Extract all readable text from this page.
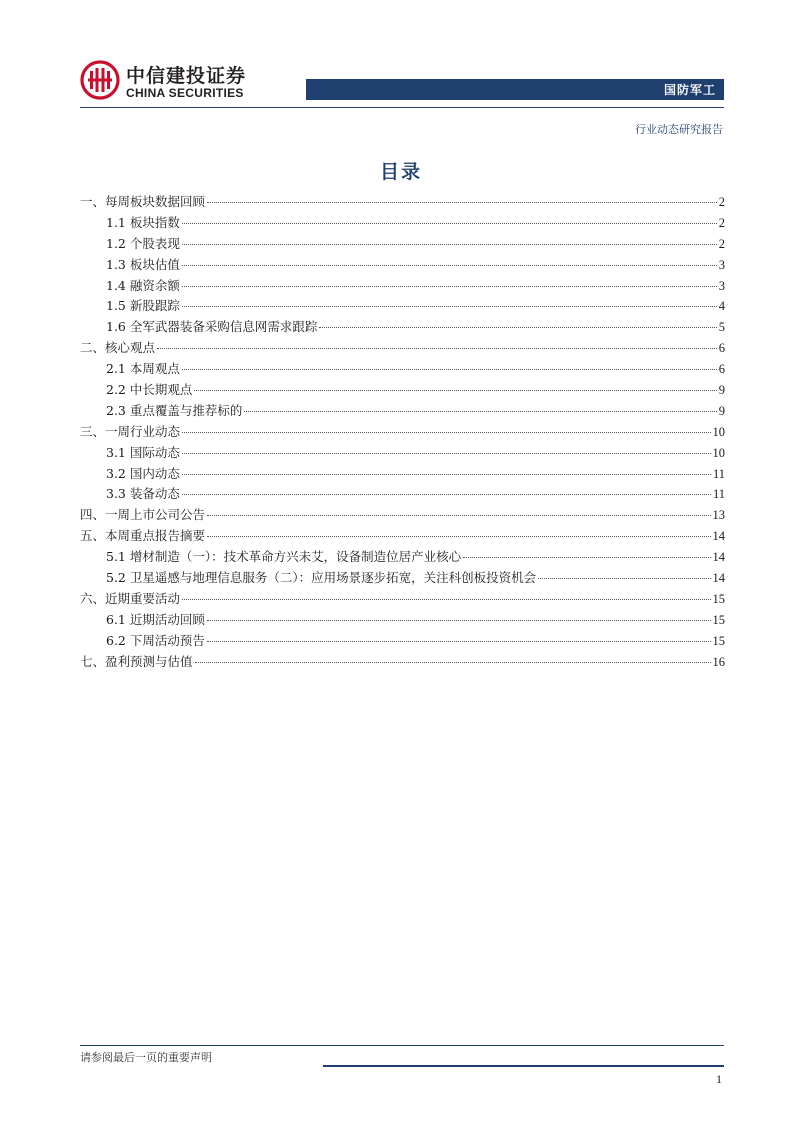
中信建投证券
CHINA SECURITIES	国防军工
行业动态研究报告
目录
一、每周板块数据回顾	2
1.1 板块指数	2
1.2 个股表现	2
1.3 板块估值	3
1.4 融资余额	3
1.5 新股跟踪	4
1.6 全军武器装备采购信息网需求跟踪	5
二、核心观点	6
2.1 本周观点	6
2.2 中长期观点	9
2.3 重点覆盖与推荐标的	9
三、一周行业动态	10
3.1 国际动态	10
3.2 国内动态	11
3.3 装备动态	11
四、一周上市公司公告	13
五、本周重点报告摘要	14
5.1 增材制造（一）：技术革命方兴未艾，设备制造位居产业核心	14
5.2 卫星遥感与地理信息服务（二）：应用场景逐步拓宽，关注科创板投资机会	14
六、近期重要活动	15
6.1 近期活动回顾	15
6.2 下周活动预告	15
七、盈利预测与估值	16
请参阅最后一页的重要声明
1
